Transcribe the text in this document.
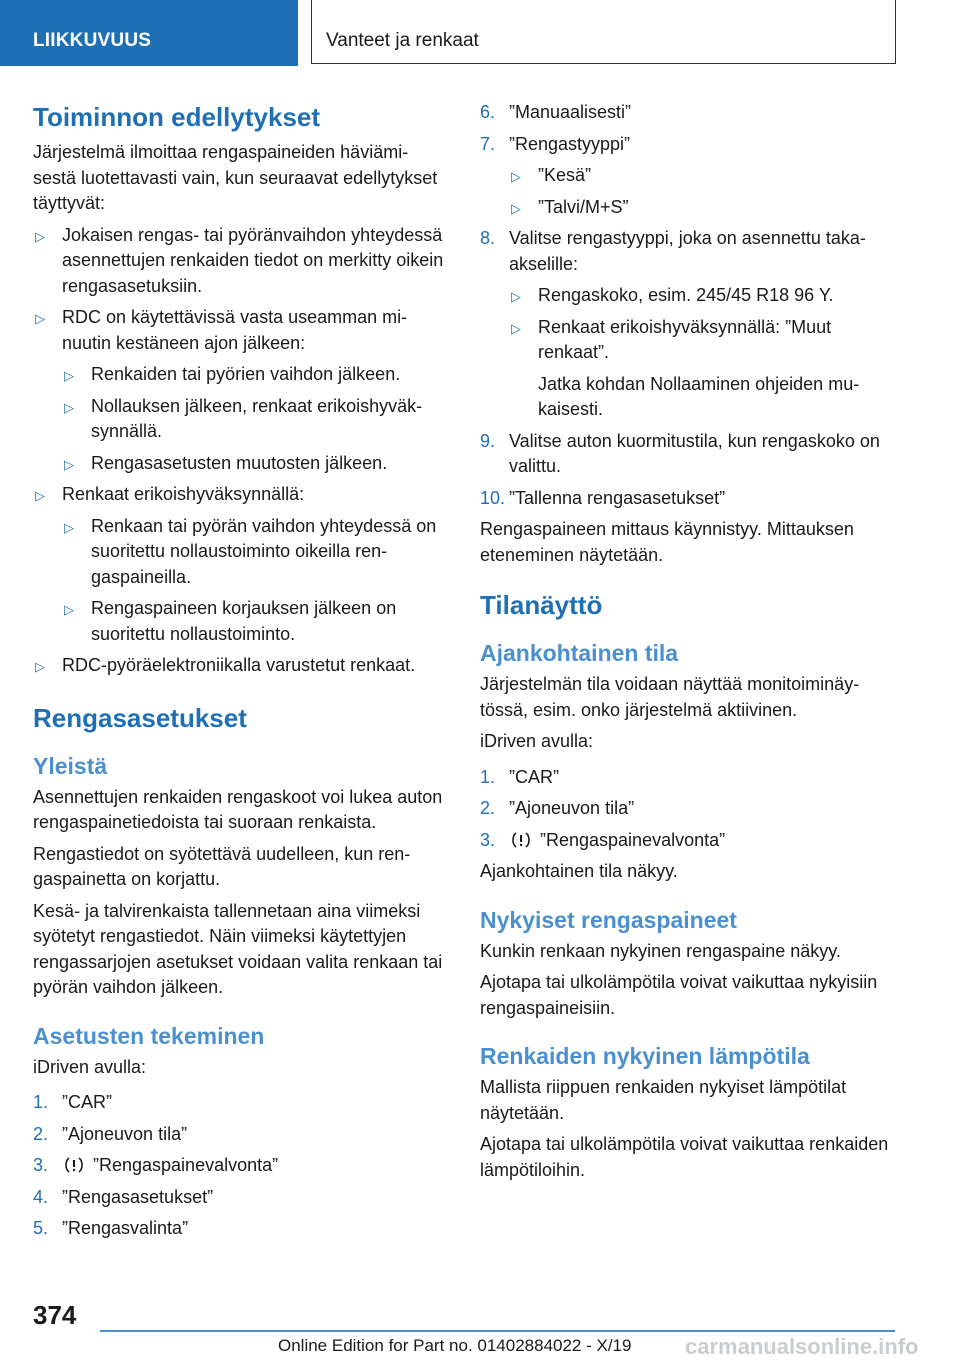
LIIKKUVUUS	Vanteet ja renkaat
Toiminnon edellytykset

Järjestelmä ilmoittaa rengaspaineiden häviämisestä luotettavasti vain, kun seuraavat edellytykset täyttyvät:

▷ Jokaisen rengas- tai pyöränvaihdon yhteydessä asennettujen renkaiden tiedot on merkitty oikein rengasasetuksiin.
▷ RDC on käytettävissä vasta useamman minuutin kestäneen ajon jälkeen:
▷ Renkaiden tai pyörien vaihdon jälkeen.
▷ Nollauksen jälkeen, renkaat erikoishyväksynnällä.
▷ Rengasasetusten muutosten jälkeen.
▷ Renkaat erikoishyväksynnällä:
▷ Renkaan tai pyörän vaihdon yhteydessä on suoritettu nollaustoiminto oikeilla rengaspaineilla.
▷ Rengaspaineen korjauksen jälkeen on suoritettu nollaustoiminto.
▷ RDC-pyöräelektroniikalla varustetut renkaat.
Rengasasetukset
Yleistä

Asennettujen renkaiden rengaskoot voi lukea auton rengaspainetiedoista tai suoraan renkaista.

Rengastiedot on syötettävä uudelleen, kun rengaspainetta on korjattu.

Kesä- ja talvirenkaista tallennetaan aina viimeksi syötetyt rengastiedot. Näin viimeksi käytettyjen rengassarjojen asetukset voidaan valita renkaan tai pyörän vaihdon jälkeen.

Asetusten tekeminen

iDriven avulla:

1. ”CAR”
2. ”Ajoneuvon tila”
3. ”Rengaspainevalvonta”
4. ”Rengasasetukset”
5. ”Rengasvalinta”
6. ”Manuaalisesti”
7. ”Rengastyyppi”
▷ ”Kesä”
▷ ”Talvi/M+S”
8. Valitse rengastyyppi, joka on asennettu takaakselille:
▷ Rengaskoko, esim. 245/45 R18 96 Y.
▷ Renkaat erikoishyväksynnällä: ”Muut renkaat”.
Jatka kohdan Nollaaminen ohjeiden mukaisesti.
9. Valitse auton kuormitustila, kun rengaskoko on valittu.
10. ”Tallenna rengasasetukset”

Rengaspaineen mittaus käynnistyy. Mittauksen eteneminen näytetään.

Tilanäyttö
Ajankohtainen tila

Järjestelmän tila voidaan näyttää monitoiminäytössä, esim. onko järjestelmä aktiivinen.

iDriven avulla:

1. ”CAR”
2. ”Ajoneuvon tila”
3. ”Rengaspainevalvonta”

Ajankohtainen tila näkyy.

Nykyiset rengaspaineet

Kunkin renkaan nykyinen rengaspaine näkyy.

Ajotapa tai ulkolämpötila voivat vaikuttaa nykyisiin rengaspaineisiin.

Renkaiden nykyinen lämpötila

Mallista riippuen renkaiden nykyiset lämpötilat näytetään.

Ajotapa tai ulkolämpötila voivat vaikuttaa renkaiden lämpötiloihin.

374
Online Edition for Part no. 01402884022 - X/19 carmanualsonline.info
